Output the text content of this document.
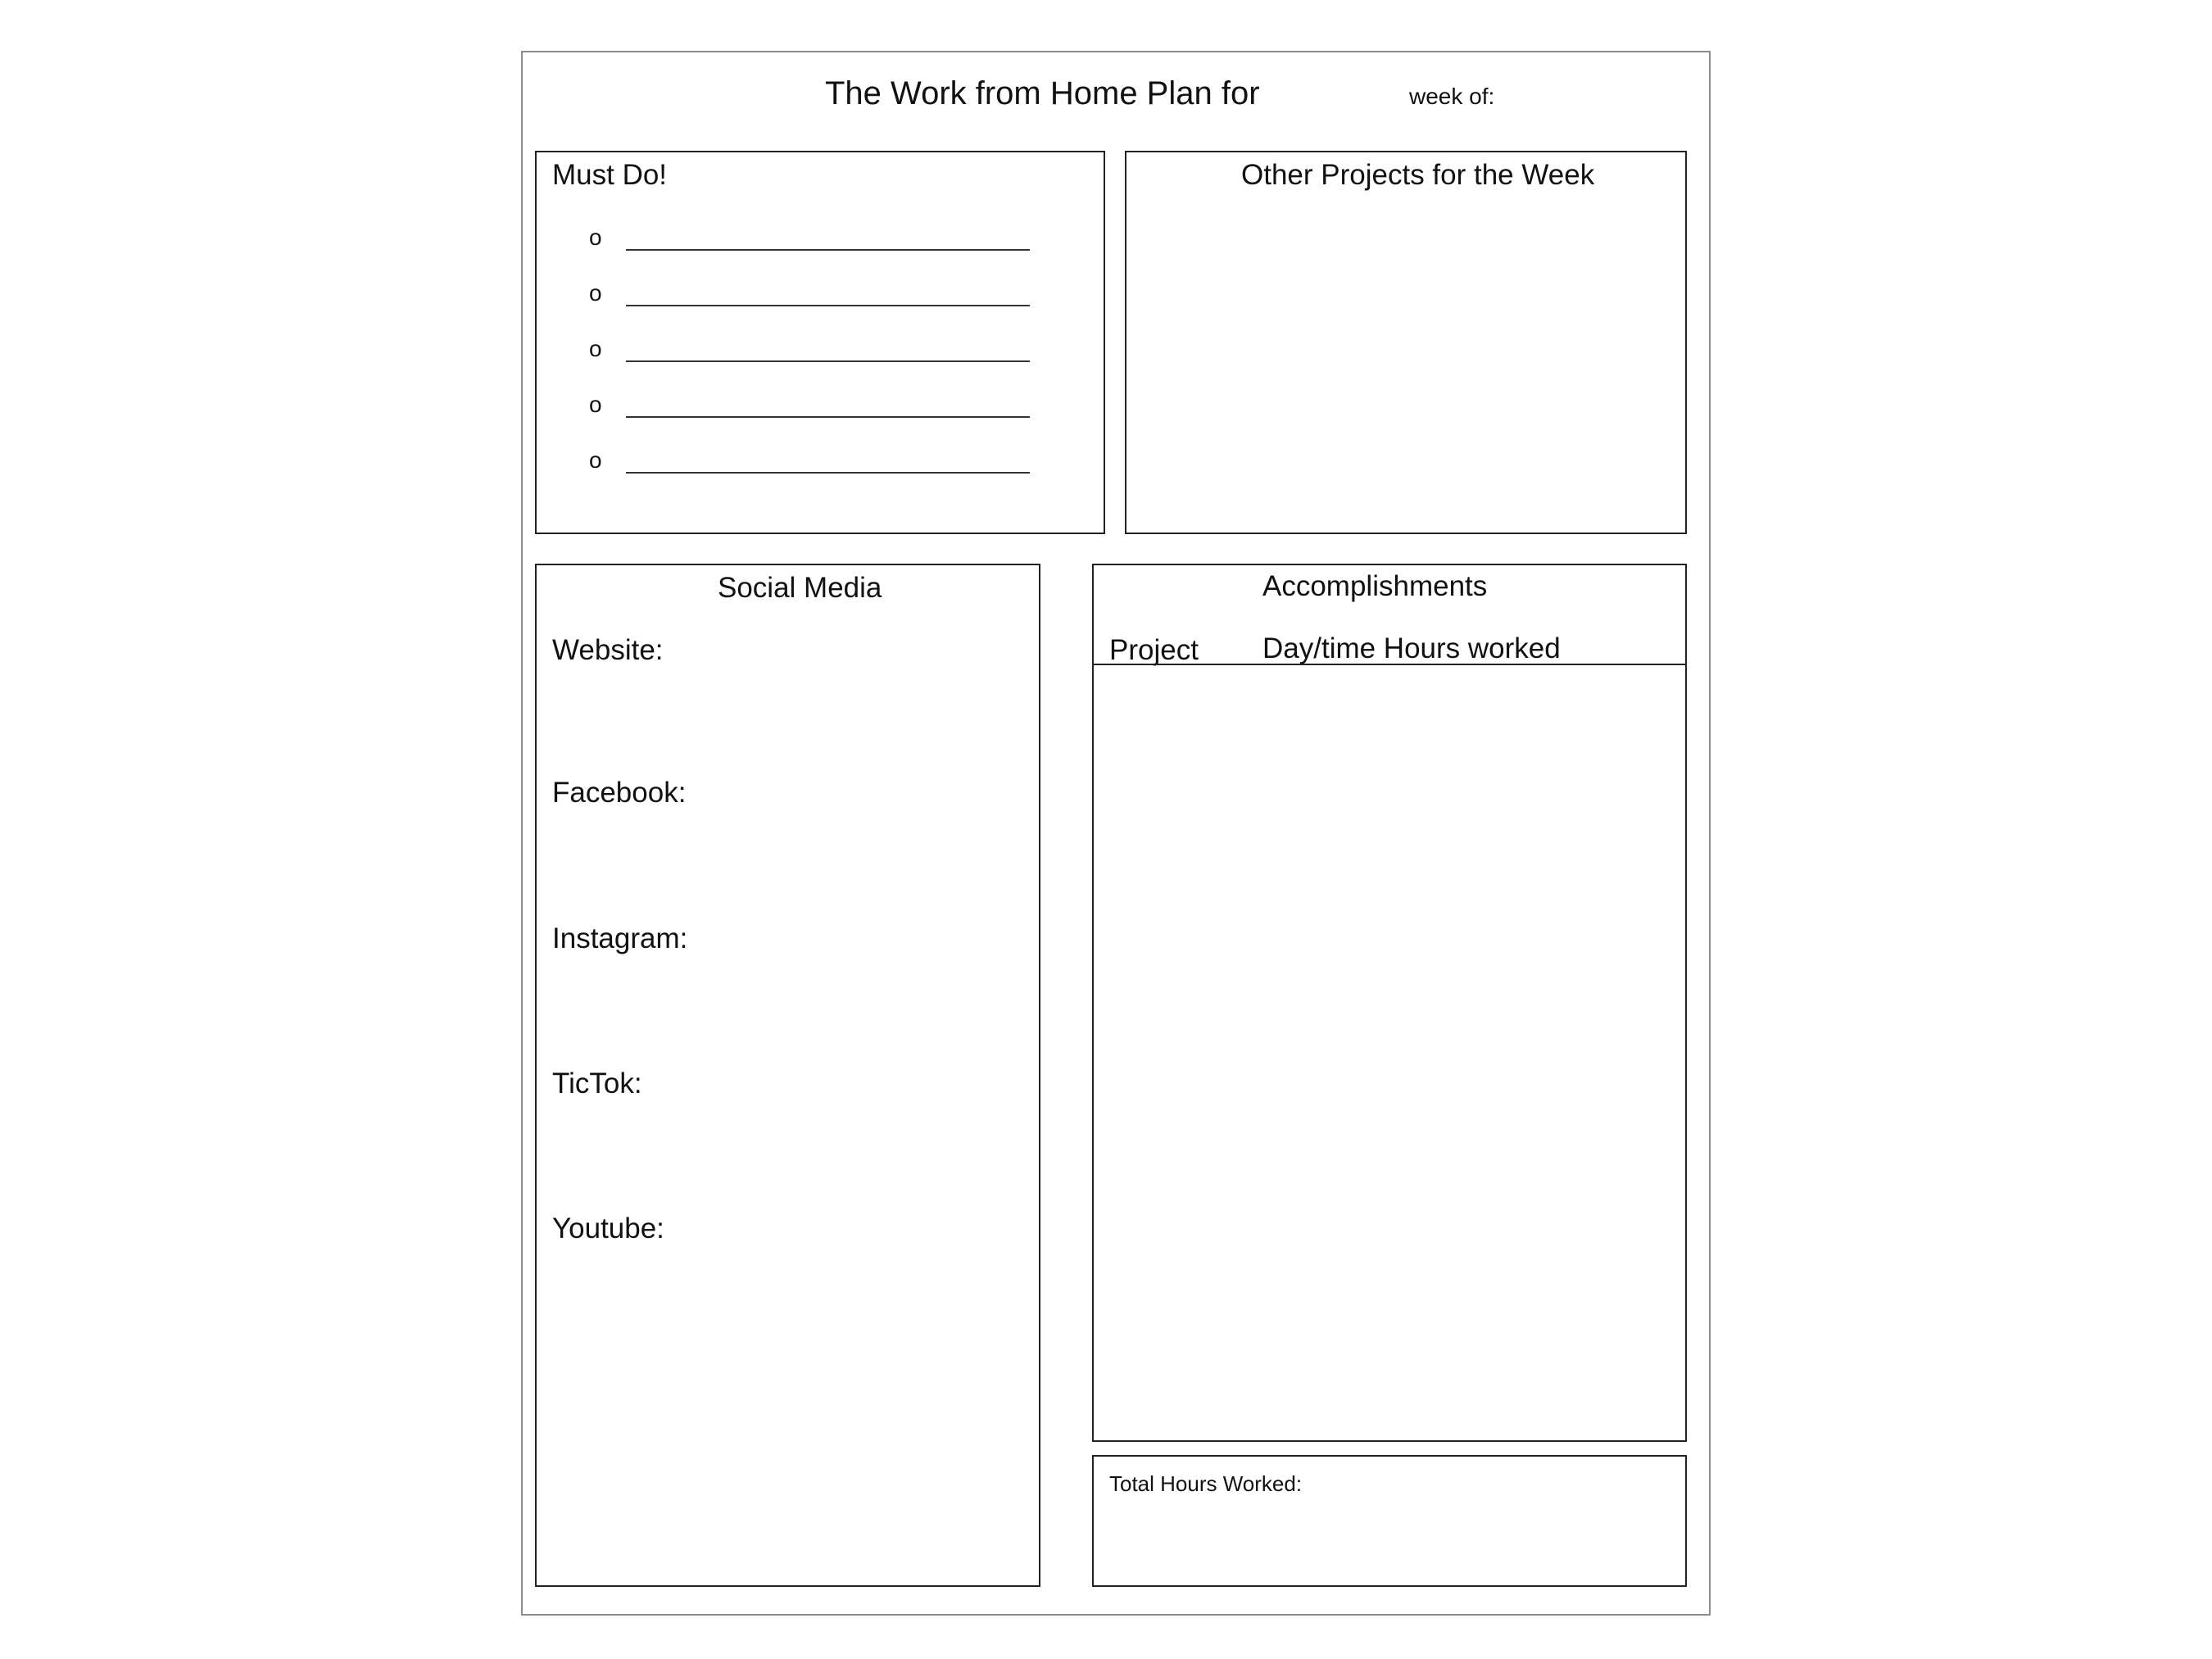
The Work from Home Plan for	week of:
Must Do!
o
o
o
o
o
Other Projects for the Week
Social Media
Website:
Facebook:
Instagram:
TicTok:
Youtube:
Accomplishments
Project Day/time Hours worked
Total Hours Worked:
